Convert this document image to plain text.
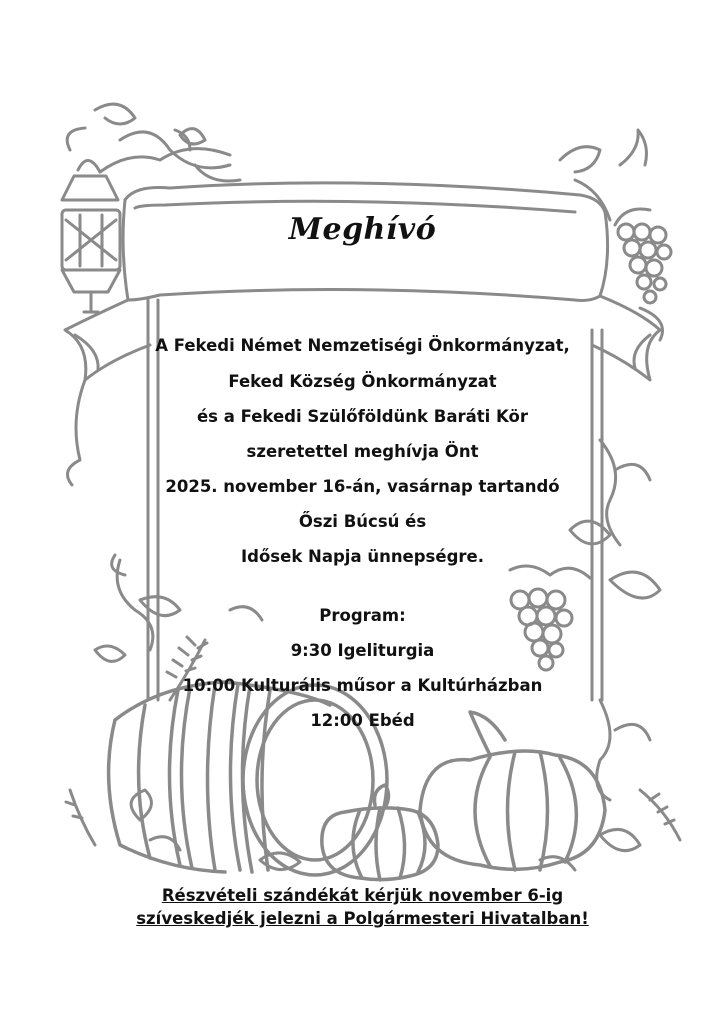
Meghívó
A Fekedi Német Nemzetiségi Önkormányzat,
Feked Község Önkormányzat
és a Fekedi Szülőföldünk Baráti Kör
szeretettel meghívja Önt
2025. november 16-án, vasárnap tartandó
Őszi Búcsú és
Idősek Napja ünnepségre.
Program:
9:30 Igeliturgia
10:00 Kulturális műsor a Kultúrházban
12:00 Ebéd
Részvételi szándékát kérjük november 6-ig
szíveskedjék jelezni a Polgármesteri Hivatalban!
